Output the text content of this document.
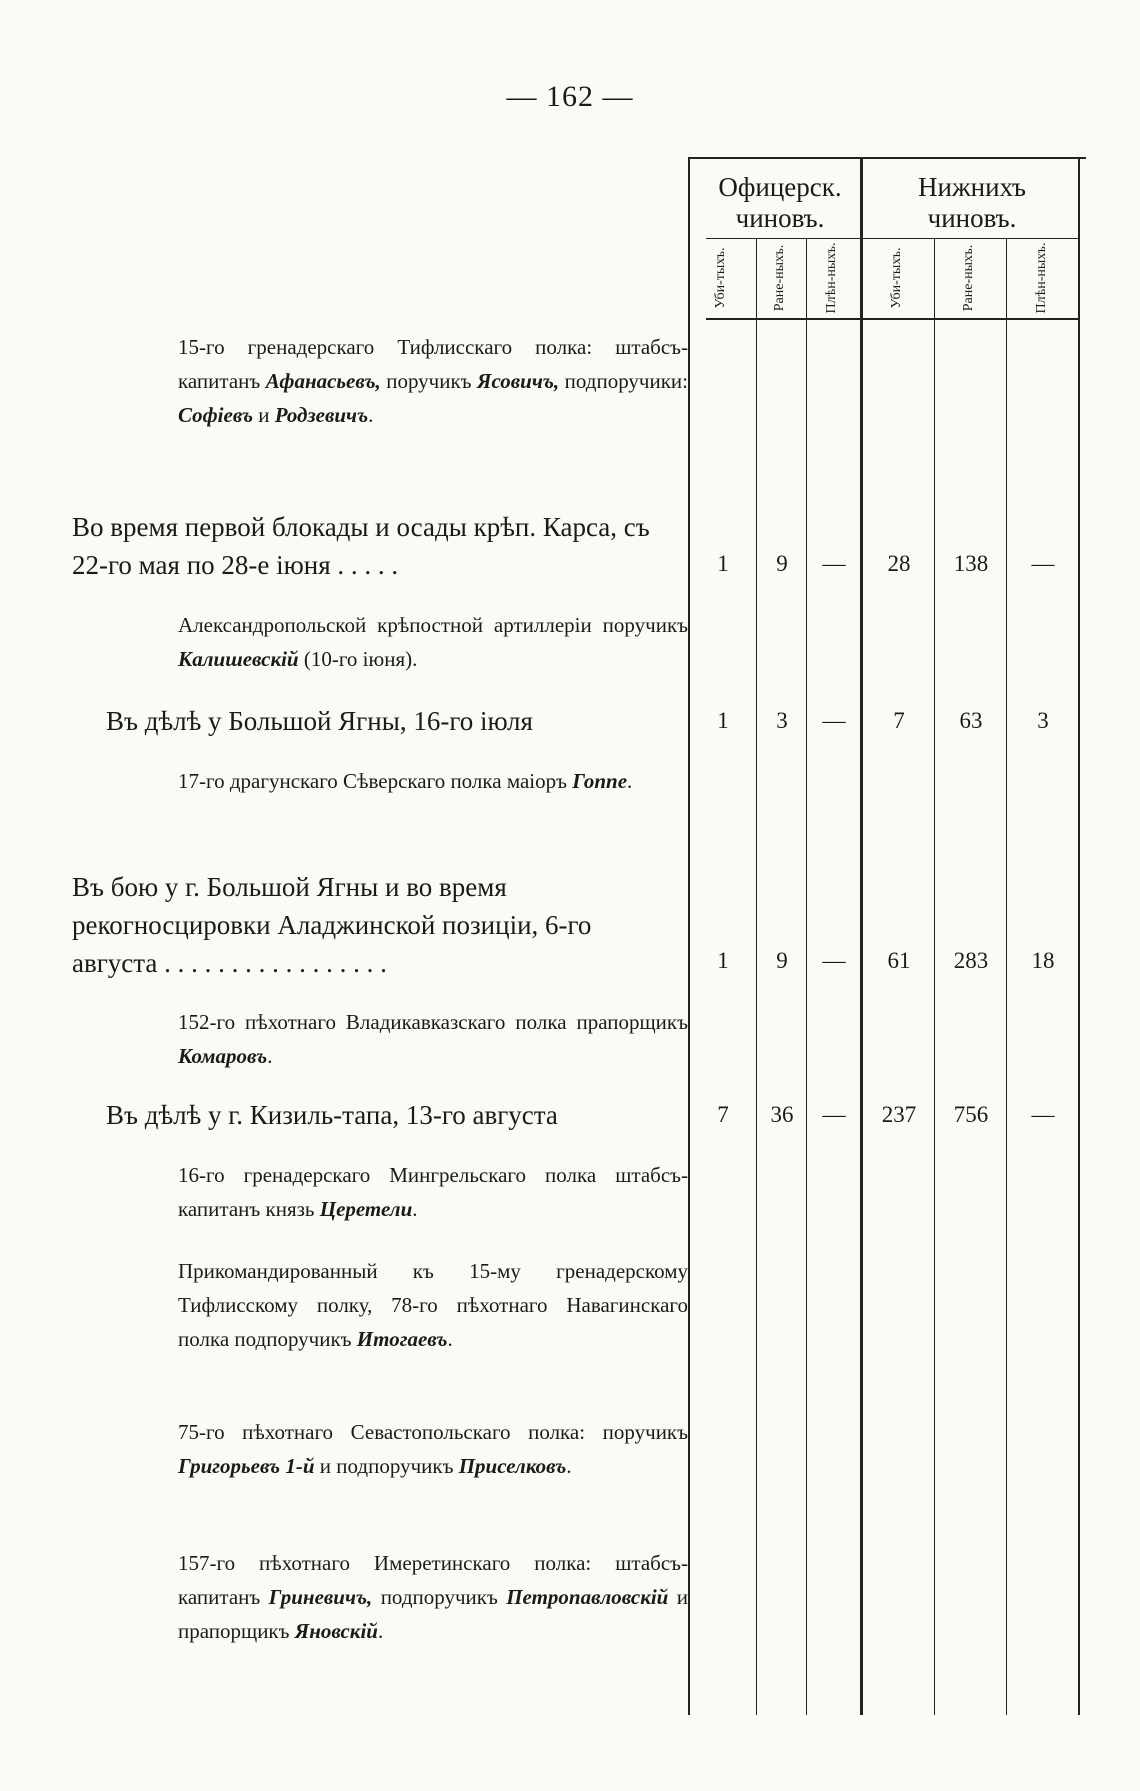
— 162 —
Офицерск. чиновъ.
Нижнихъ чиновъ.
Уби-тыхъ.	Ране-ныхъ.	Плѣн-ныхъ.	Уби-тыхъ.	Ране-ныхъ.	Плѣн-ныхъ.
15-го гренадерскаго Тифлисскаго полка: штабсъ-капитанъ Афанасьевъ, поручикъ Ясовичъ, подпоручики: Софіевъ и Родзевичъ.
Во время первой блокады и осады крѣп. Карса, съ 22-го мая по 28-е іюня . . . . .	1	9	—	28	138	—
Александропольской крѣпостной артиллеріи поручикъ Калишевскій (10-го іюня).
Въ дѣлѣ у Большой Ягны, 16-го іюля	1	3	—	7	63	3
17-го драгунскаго Сѣверскаго полка маіоръ Гоппе.
Въ бою у г. Большой Ягны и во время рекогносцировки Аладжинской позиціи, 6-го августа . . . . . . . . . . . . . . . . .	1	9	—	61	283	18
152-го пѣхотнаго Владикавказскаго полка прапорщикъ Комаровъ.
Въ дѣлѣ у г. Кизиль-тапа, 13-го августа	7	36	—	237	756	—
16-го гренадерскаго Мингрельскаго полка штабсъ-капитанъ князь Церетели.
Прикомандированный къ 15-му гренадерскому Тифлисскому полку, 78-го пѣхотнаго Навагинскаго полка подпоручикъ Итогаевъ.
75-го пѣхотнаго Севастопольскаго полка: поручикъ Григорьевъ 1-й и подпоручикъ Приселковъ.
157-го пѣхотнаго Имеретинскаго полка: штабсъ-капитанъ Гриневичъ, подпоручикъ Петропавловскій и прапорщикъ Яновскій.
